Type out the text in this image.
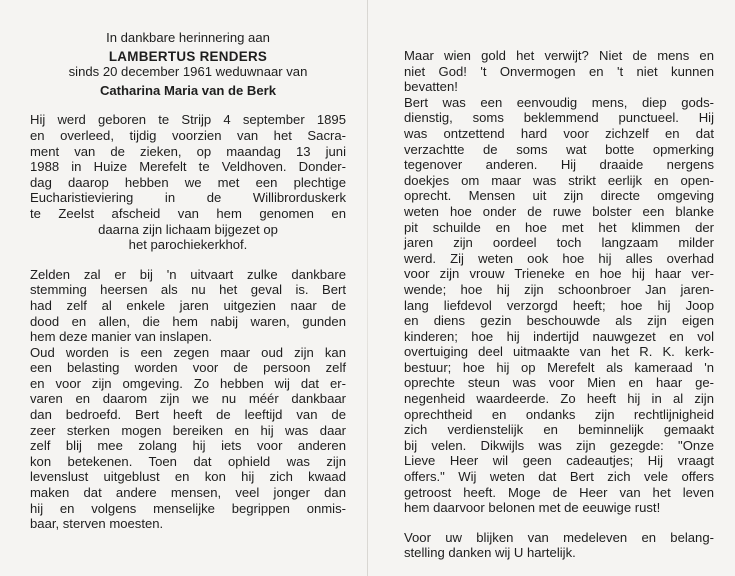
In dankbare herinnering aan
LAMBERTUS RENDERS
sinds 20 december 1961 weduwnaar van
Catharina Maria van de Berk
Hij werd geboren te Strijp 4 september 1895
en overleed, tijdig voorzien van het Sacra-
ment van de zieken, op maandag 13 juni
1988 in Huize Merefelt te Veldhoven. Donder-
dag daarop hebben we met een plechtige
Eucharistieviering in de Willibrorduskerk
te Zeelst afscheid van hem genomen en
daarna zijn lichaam bijgezet op
het parochiekerkhof.
Zelden zal er bij 'n uitvaart zulke dankbare
stemming heersen als nu het geval is. Bert
had zelf al enkele jaren uitgezien naar de
dood en allen, die hem nabij waren, gunden
hem deze manier van inslapen.
Oud worden is een zegen maar oud zijn kan
een belasting worden voor de persoon zelf
en voor zijn omgeving. Zo hebben wij dat er-
varen en daarom zijn we nu méér dankbaar
dan bedroefd. Bert heeft de leeftijd van de
zeer sterken mogen bereiken en hij was daar
zelf blij mee zolang hij iets voor anderen
kon betekenen. Toen dat ophield was zijn
levenslust uitgeblust en kon hij zich kwaad
maken dat andere mensen, veel jonger dan
hij en volgens menselijke begrippen onmis-
baar, sterven moesten.
Maar wien gold het verwijt? Niet de mens en
niet God! 't Onvermogen en 't niet kunnen
bevatten!
Bert was een eenvoudig mens, diep gods-
dienstig, soms beklemmend punctueel. Hij
was ontzettend hard voor zichzelf en dat
verzachtte de soms wat botte opmerking
tegenover anderen. Hij draaide nergens
doekjes om maar was strikt eerlijk en open-
oprecht. Mensen uit zijn directe omgeving
weten hoe onder de ruwe bolster een blanke
pit schuilde en hoe met het klimmen der
jaren zijn oordeel toch langzaam milder
werd. Zij weten ook hoe hij alles overhad
voor zijn vrouw Trieneke en hoe hij haar ver-
wende; hoe hij zijn schoonbroer Jan jaren-
lang liefdevol verzorgd heeft; hoe hij Joop
en diens gezin beschouwde als zijn eigen
kinderen; hoe hij indertijd nauwgezet en vol
overtuiging deel uitmaakte van het R. K. kerk-
bestuur; hoe hij op Merefelt als kameraad 'n
oprechte steun was voor Mien en haar ge-
negenheid waardeerde. Zo heeft hij in al zijn
oprechtheid en ondanks zijn rechtlijnigheid
zich verdienstelijk en beminnelijk gemaakt
bij velen. Dikwijls was zijn gezegde: "Onze
Lieve Heer wil geen cadeautjes; Hij vraagt
offers." Wij weten dat Bert zich vele offers
getroost heeft. Moge de Heer van het leven
hem daarvoor belonen met de eeuwige rust!
Voor uw blijken van medeleven en belang-
stelling danken wij U hartelijk.
